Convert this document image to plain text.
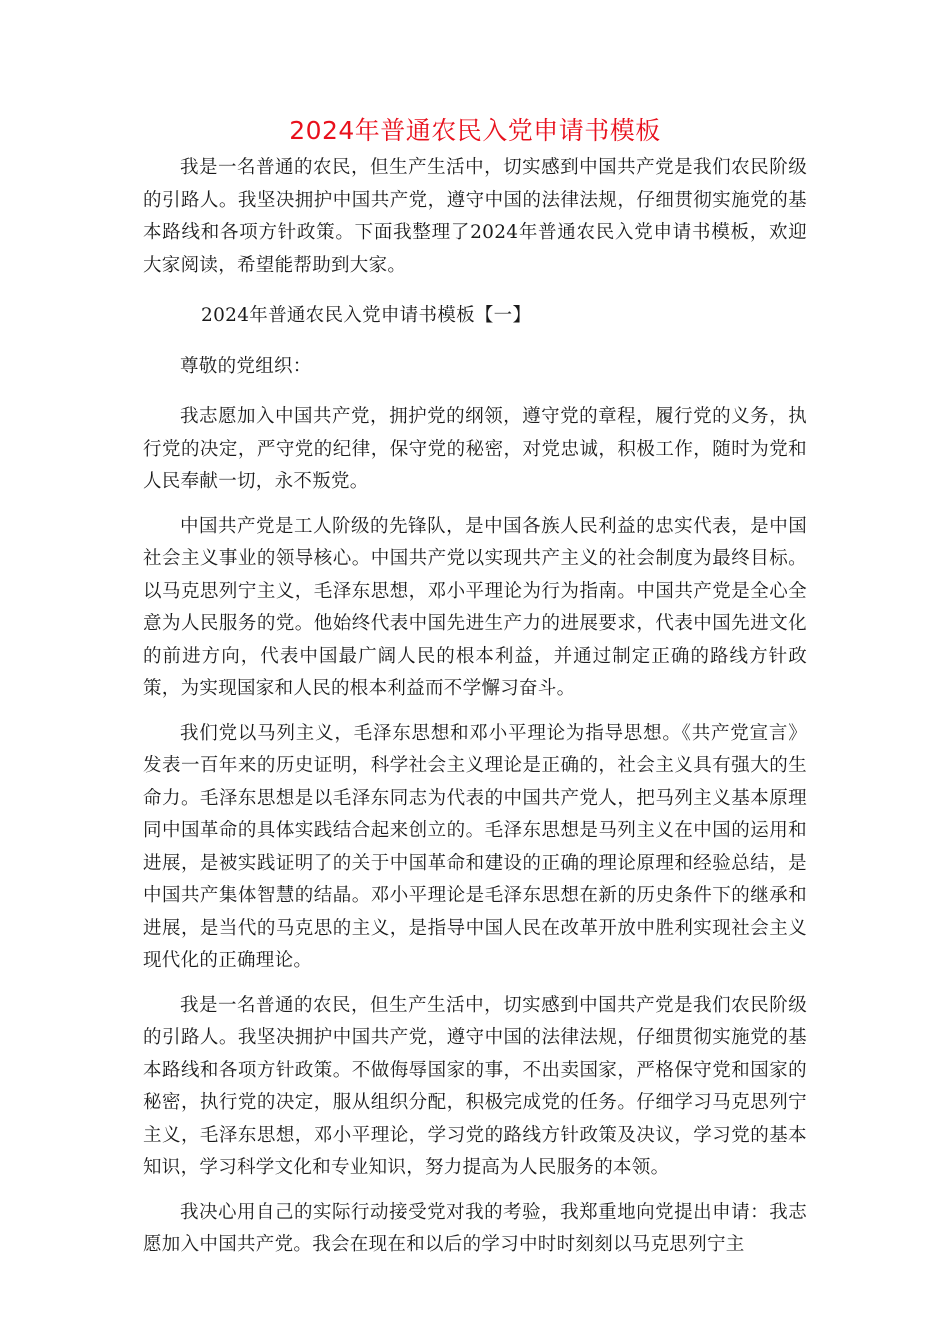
2024年普通农民入党申请书模板

我是一名普通的农民，但生产生活中，切实感到中国共产党是我们农民阶级的引路人。我坚决拥护中国共产党，遵守中国的法律法规，仔细贯彻实施党的基本路线和各项方针政策。下面我整理了2024年普通农民入党申请书模板，欢迎大家阅读，希望能帮助到大家。

2024年普通农民入党申请书模板【一】

尊敬的党组织：

我志愿加入中国共产党，拥护党的纲领，遵守党的章程，履行党的义务，执行党的决定，严守党的纪律，保守党的秘密，对党忠诚，积极工作，随时为党和人民奉献一切，永不叛党。

中国共产党是工人阶级的先锋队，是中国各族人民利益的忠实代表，是中国社会主义事业的领导核心。中国共产党以实现共产主义的社会制度为最终目标。以马克思列宁主义，毛泽东思想，邓小平理论为行为指南。中国共产党是全心全意为人民服务的党。他始终代表中国先进生产力的进展要求，代表中国先进文化的前进方向，代表中国最广阔人民的根本利益，并通过制定正确的路线方针政策，为实现国家和人民的根本利益而不学懈习奋斗。

我们党以马列主义，毛泽东思想和邓小平理论为指导思想。《共产党宣言》发表一百年来的历史证明，科学社会主义理论是正确的，社会主义具有强大的生命力。毛泽东思想是以毛泽东同志为代表的中国共产党人，把马列主义基本原理同中国革命的具体实践结合起来创立的。毛泽东思想是马列主义在中国的运用和进展，是被实践证明了的关于中国革命和建设的正确的理论原理和经验总结，是中国共产集体智慧的结晶。邓小平理论是毛泽东思想在新的历史条件下的继承和进展，是当代的马克思的主义，是指导中国人民在改革开放中胜利实现社会主义现代化的正确理论。

我是一名普通的农民，但生产生活中，切实感到中国共产党是我们农民阶级的引路人。我坚决拥护中国共产党，遵守中国的法律法规，仔细贯彻实施党的基本路线和各项方针政策。不做侮辱国家的事，不出卖国家，严格保守党和国家的秘密，执行党的决定，服从组织分配，积极完成党的任务。仔细学习马克思列宁主义，毛泽东思想，邓小平理论，学习党的路线方针政策及决议，学习党的基本知识，学习科学文化和专业知识，努力提高为人民服务的本领。

我决心用自己的实际行动接受党对我的考验，我郑重地向党提出申请：我志愿加入中国共产党。我会在现在和以后的学习中时时刻刻以马克思列宁主
